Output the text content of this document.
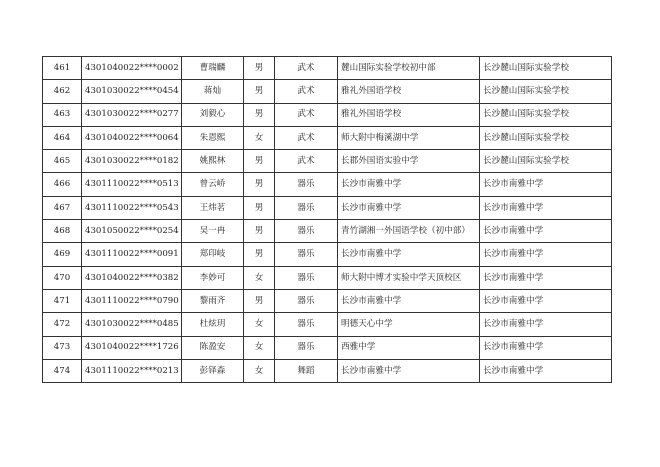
461	4301040022****0002	曹瑞麟	男	武术	麓山国际实验学校初中部	长沙麓山国际实验学校
462	4301030022****0454	蒋灿	男	武术	雅礼外国语学校	长沙麓山国际实验学校
463	4301030022****0277	刘毅心	男	武术	雅礼外国语学校	长沙麓山国际实验学校
464	4301040022****0064	朱恩熙	女	武术	师大附中梅溪湖中学	长沙麓山国际实验学校
465	4301030022****0182	姚熙林	男	武术	长郡外国语实验中学	长沙麓山国际实验学校
466	4301110022****0513	曾云峤	男	器乐	长沙市南雅中学	长沙市南雅中学
467	4301110022****0543	王炜茗	男	器乐	长沙市南雅中学	长沙市南雅中学
468	4301050022****0254	吴一冉	男	器乐	青竹湖湘一外国语学校（初中部）	长沙市南雅中学
469	4301110022****0091	郑印岐	男	器乐	长沙市南雅中学	长沙市南雅中学
470	4301040022****0382	李妙可	女	器乐	师大附中博才实验中学天顶校区	长沙市南雅中学
471	4301110022****0790	黎雨齐	男	器乐	长沙市南雅中学	长沙市南雅中学
472	4301030022****0485	杜炫玥	女	器乐	明德天心中学	长沙市南雅中学
473	4301040022****1726	陈盈安	女	器乐	西雅中学	长沙市南雅中学
474	4301110022****0213	彭铎森	女	舞蹈	长沙市南雅中学	长沙市南雅中学
